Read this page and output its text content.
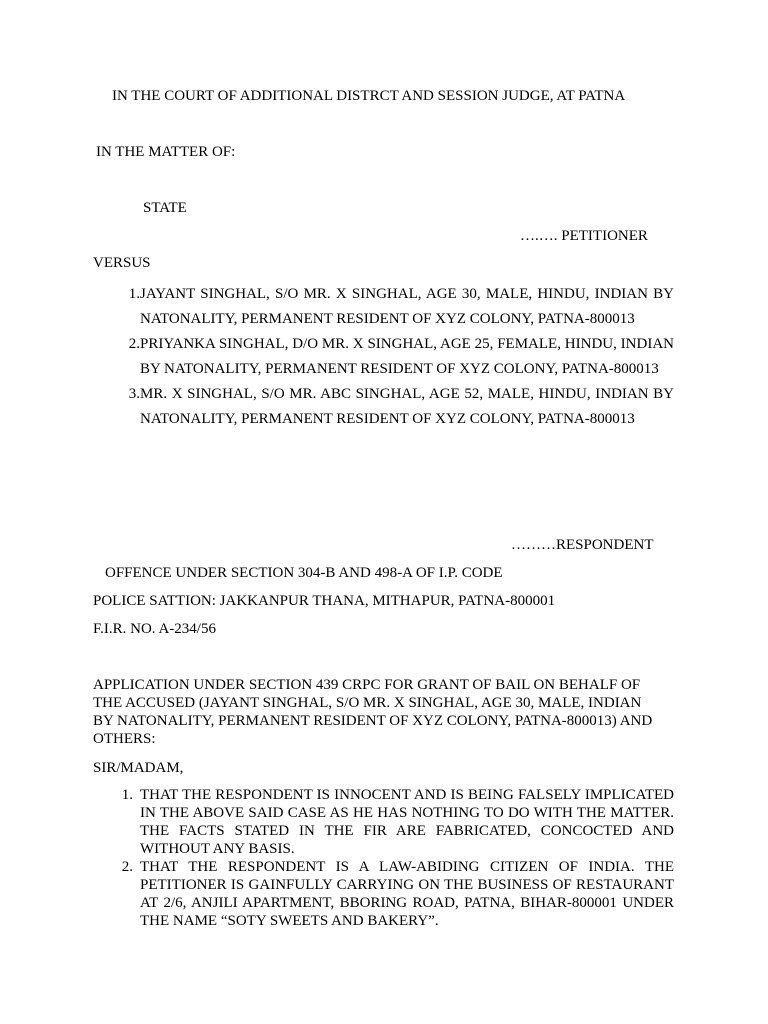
IN THE COURT OF ADDITIONAL DISTRCT AND SESSION JUDGE, AT PATNA
IN THE MATTER OF:
STATE
….…. PETITIONER
VERSUS
1. JAYANT SINGHAL, S/O MR. X SINGHAL, AGE 30, MALE, HINDU, INDIAN BY NATONALITY, PERMANENT RESIDENT OF XYZ COLONY, PATNA-800013
2. PRIYANKA SINGHAL, D/O MR. X SINGHAL, AGE 25, FEMALE, HINDU, INDIAN BY NATONALITY, PERMANENT RESIDENT OF XYZ COLONY, PATNA-800013
3. MR. X SINGHAL, S/O MR. ABC SINGHAL, AGE 52, MALE, HINDU, INDIAN BY NATONALITY, PERMANENT RESIDENT OF XYZ COLONY, PATNA-800013
………RESPONDENT
OFFENCE UNDER SECTION 304-B AND 498-A OF I.P. CODE
POLICE SATTION: JAKKANPUR THANA, MITHAPUR, PATNA-800001
F.I.R. NO. A-234/56
APPLICATION UNDER SECTION 439 CRPC FOR GRANT OF BAIL ON BEHALF OF THE ACCUSED (JAYANT SINGHAL, S/O MR. X SINGHAL, AGE 30, MALE, INDIAN BY NATONALITY, PERMANENT RESIDENT OF XYZ COLONY, PATNA-800013) AND OTHERS:
SIR/MADAM,
1. THAT THE RESPONDENT IS INNOCENT AND IS BEING FALSELY IMPLICATED IN THE ABOVE SAID CASE AS HE HAS NOTHING TO DO WITH THE MATTER. THE FACTS STATED IN THE FIR ARE FABRICATED, CONCOCTED AND WITHOUT ANY BASIS.
2. THAT THE RESPONDENT IS A LAW-ABIDING CITIZEN OF INDIA. THE PETITIONER IS GAINFULLY CARRYING ON THE BUSINESS OF RESTAURANT AT 2/6, ANJILI APARTMENT, BBORING ROAD, PATNA, BIHAR-800001 UNDER THE NAME “SOTY SWEETS AND BAKERY”.
